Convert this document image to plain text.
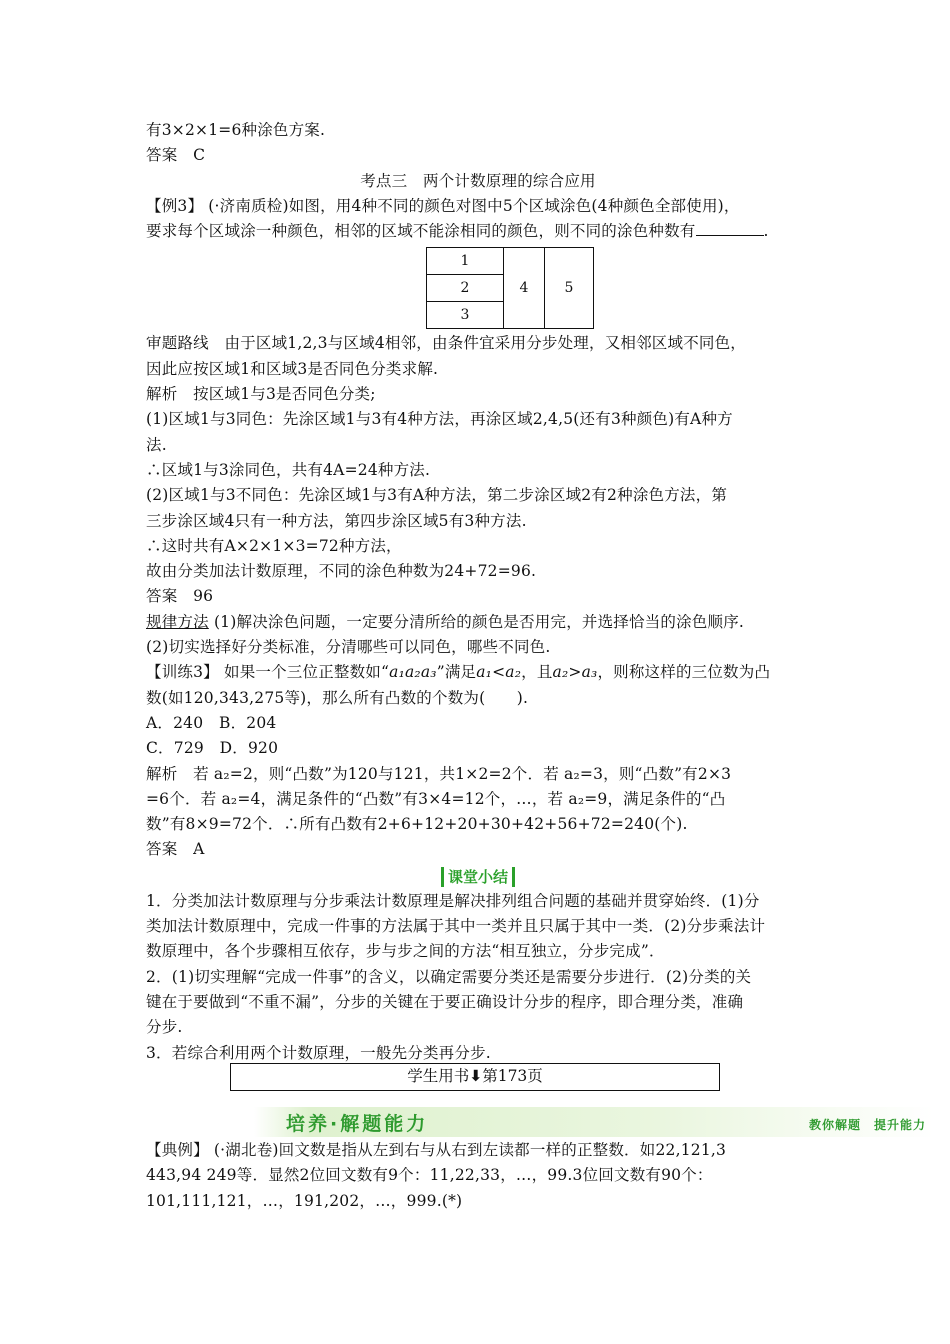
有3×2×1=6种涂色方案.
答案　C
考点三　两个计数原理的综合应用
【例3】 (·济南质检)如图，用4种不同的颜色对图中5个区域涂色(4种颜色全部使用)，
要求每个区域涂一种颜色，相邻的区域不能涂相同的颜色，则不同的涂色种数有	.
1	4	5
2
3
审题路线　由于区域1,2,3与区域4相邻，由条件宜采用分步处理，又相邻区域不同色，
因此应按区域1和区域3是否同色分类求解.
解析　按区域1与3是否同色分类;
(1)区域1与3同色：先涂区域1与3有4种方法，再涂区域2,4,5(还有3种颜色)有A种方
法.
∴区域1与3涂同色，共有4A=24种方法.
(2)区域1与3不同色：先涂区域1与3有A种方法，第二步涂区域2有2种涂色方法，第
三步涂区域4只有一种方法，第四步涂区域5有3种方法.
∴这时共有A×2×1×3=72种方法，
故由分类加法计数原理，不同的涂色种数为24+72=96.
答案　96
规律方法 (1)解决涂色问题，一定要分清所给的颜色是否用完，并选择恰当的涂色顺序.
(2)切实选择好分类标准，分清哪些可以同色，哪些不同色.
【训练3】 如果一个三位正整数如“a₁a₂a₃”满足a₁<a₂，且a₂>a₃，则称这样的三位数为凸
数(如120,343,275等)，那么所有凸数的个数为(　　).
A．240　B．204
C．729　D．920
解析　若 a₂=2，则“凸数”为120与121，共1×2=2个．若 a₂=3，则“凸数”有2×3
=6个．若 a₂=4，满足条件的“凸数”有3×4=12个，…，若 a₂=9，满足条件的“凸
数”有8×9=72个．∴所有凸数有2+6+12+20+30+42+56+72=240(个).
答案　A
课堂小结
1．分类加法计数原理与分步乘法计数原理是解决排列组合问题的基础并贯穿始终．(1)分
类加法计数原理中，完成一件事的方法属于其中一类并且只属于其中一类．(2)分步乘法计
数原理中，各个步骤相互依存，步与步之间的方法“相互独立，分步完成”．
2．(1)切实理解“完成一件事”的含义，以确定需要分类还是需要分步进行．(2)分类的关
键在于要做到“不重不漏”，分步的关键在于要正确设计分步的程序，即合理分类，准确
分步.
3．若综合利用两个计数原理，一般先分类再分步.
学生用书⬇第173页
培养·解题能力	教你解题　提升能力
【典例】 (·湖北卷)回文数是指从左到右与从右到左读都一样的正整数．如22,121,3
443,94 249等．显然2位回文数有9个：11,22,33，…，99.3位回文数有90个：
101,111,121，…，191,202，…，999.(*)
